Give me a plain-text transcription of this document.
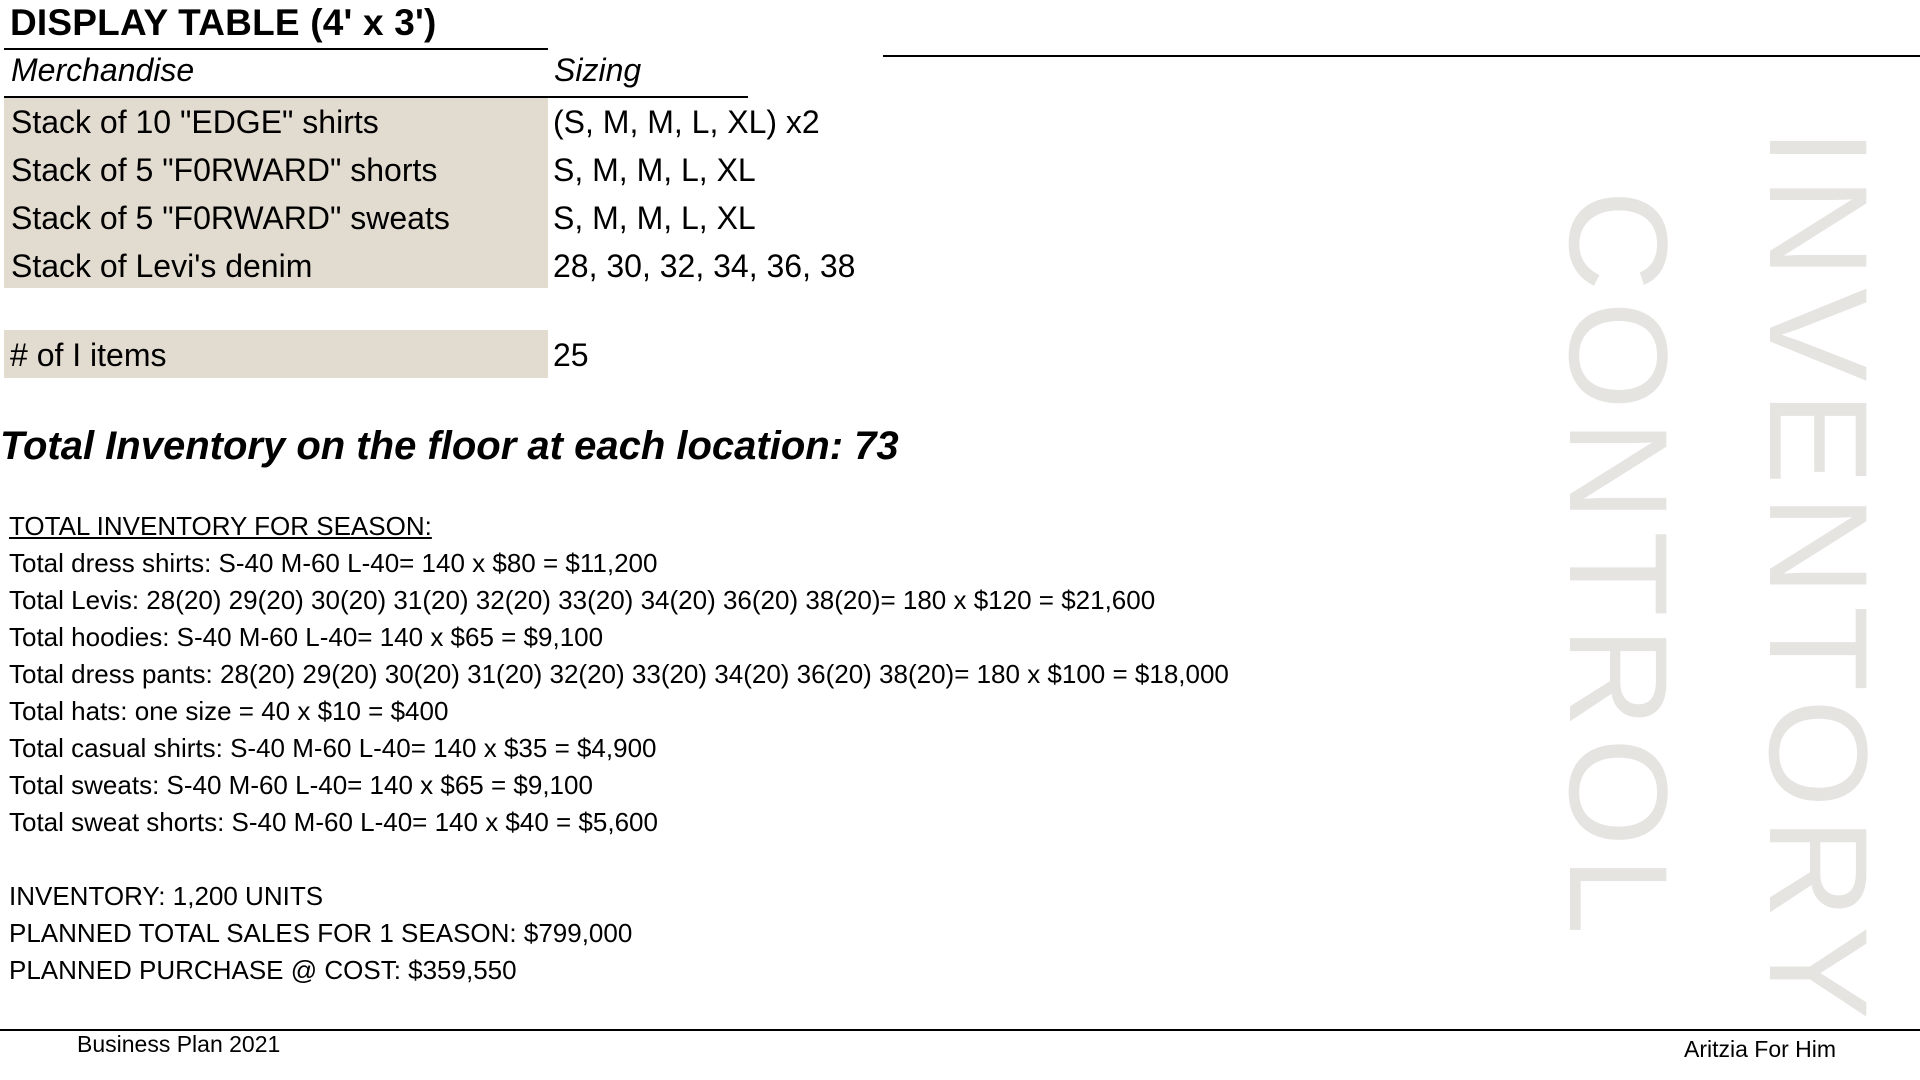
DISPLAY TABLE (4' x 3')
Merchandise	Sizing
Stack of 10 "EDGE" shirts	(S, M, M, L, XL) x2
Stack of 5 "F0RWARD" shorts	S, M, M, L, XL
Stack of 5 "F0RWARD" sweats	S, M, M, L, XL
Stack of Levi's denim	28, 30, 32, 34, 36, 38
# of I items	25
Total Inventory on the floor at each location: 73
TOTAL INVENTORY FOR SEASON:
Total dress shirts: S-40 M-60 L-40= 140 x $80 = $11,200
Total Levis: 28(20) 29(20) 30(20) 31(20) 32(20) 33(20) 34(20) 36(20) 38(20)= 180 x $120 = $21,600
Total hoodies: S-40 M-60 L-40= 140 x $65 = $9,100
Total dress pants: 28(20) 29(20) 30(20) 31(20) 32(20) 33(20) 34(20) 36(20) 38(20)= 180 x $100 = $18,000
Total hats: one size = 40 x $10 = $400
Total casual shirts: S-40 M-60 L-40= 140 x $35 = $4,900
Total sweats: S-40 M-60 L-40= 140 x $65 = $9,100
Total sweat shorts: S-40 M-60 L-40= 140 x $40 = $5,600
INVENTORY: 1,200 UNITS
PLANNED TOTAL SALES FOR 1 SEASON: $799,000
PLANNED PURCHASE @ COST: $359,550	INVENTORY
CONTROL
Business Plan 2021	Aritzia For Him
